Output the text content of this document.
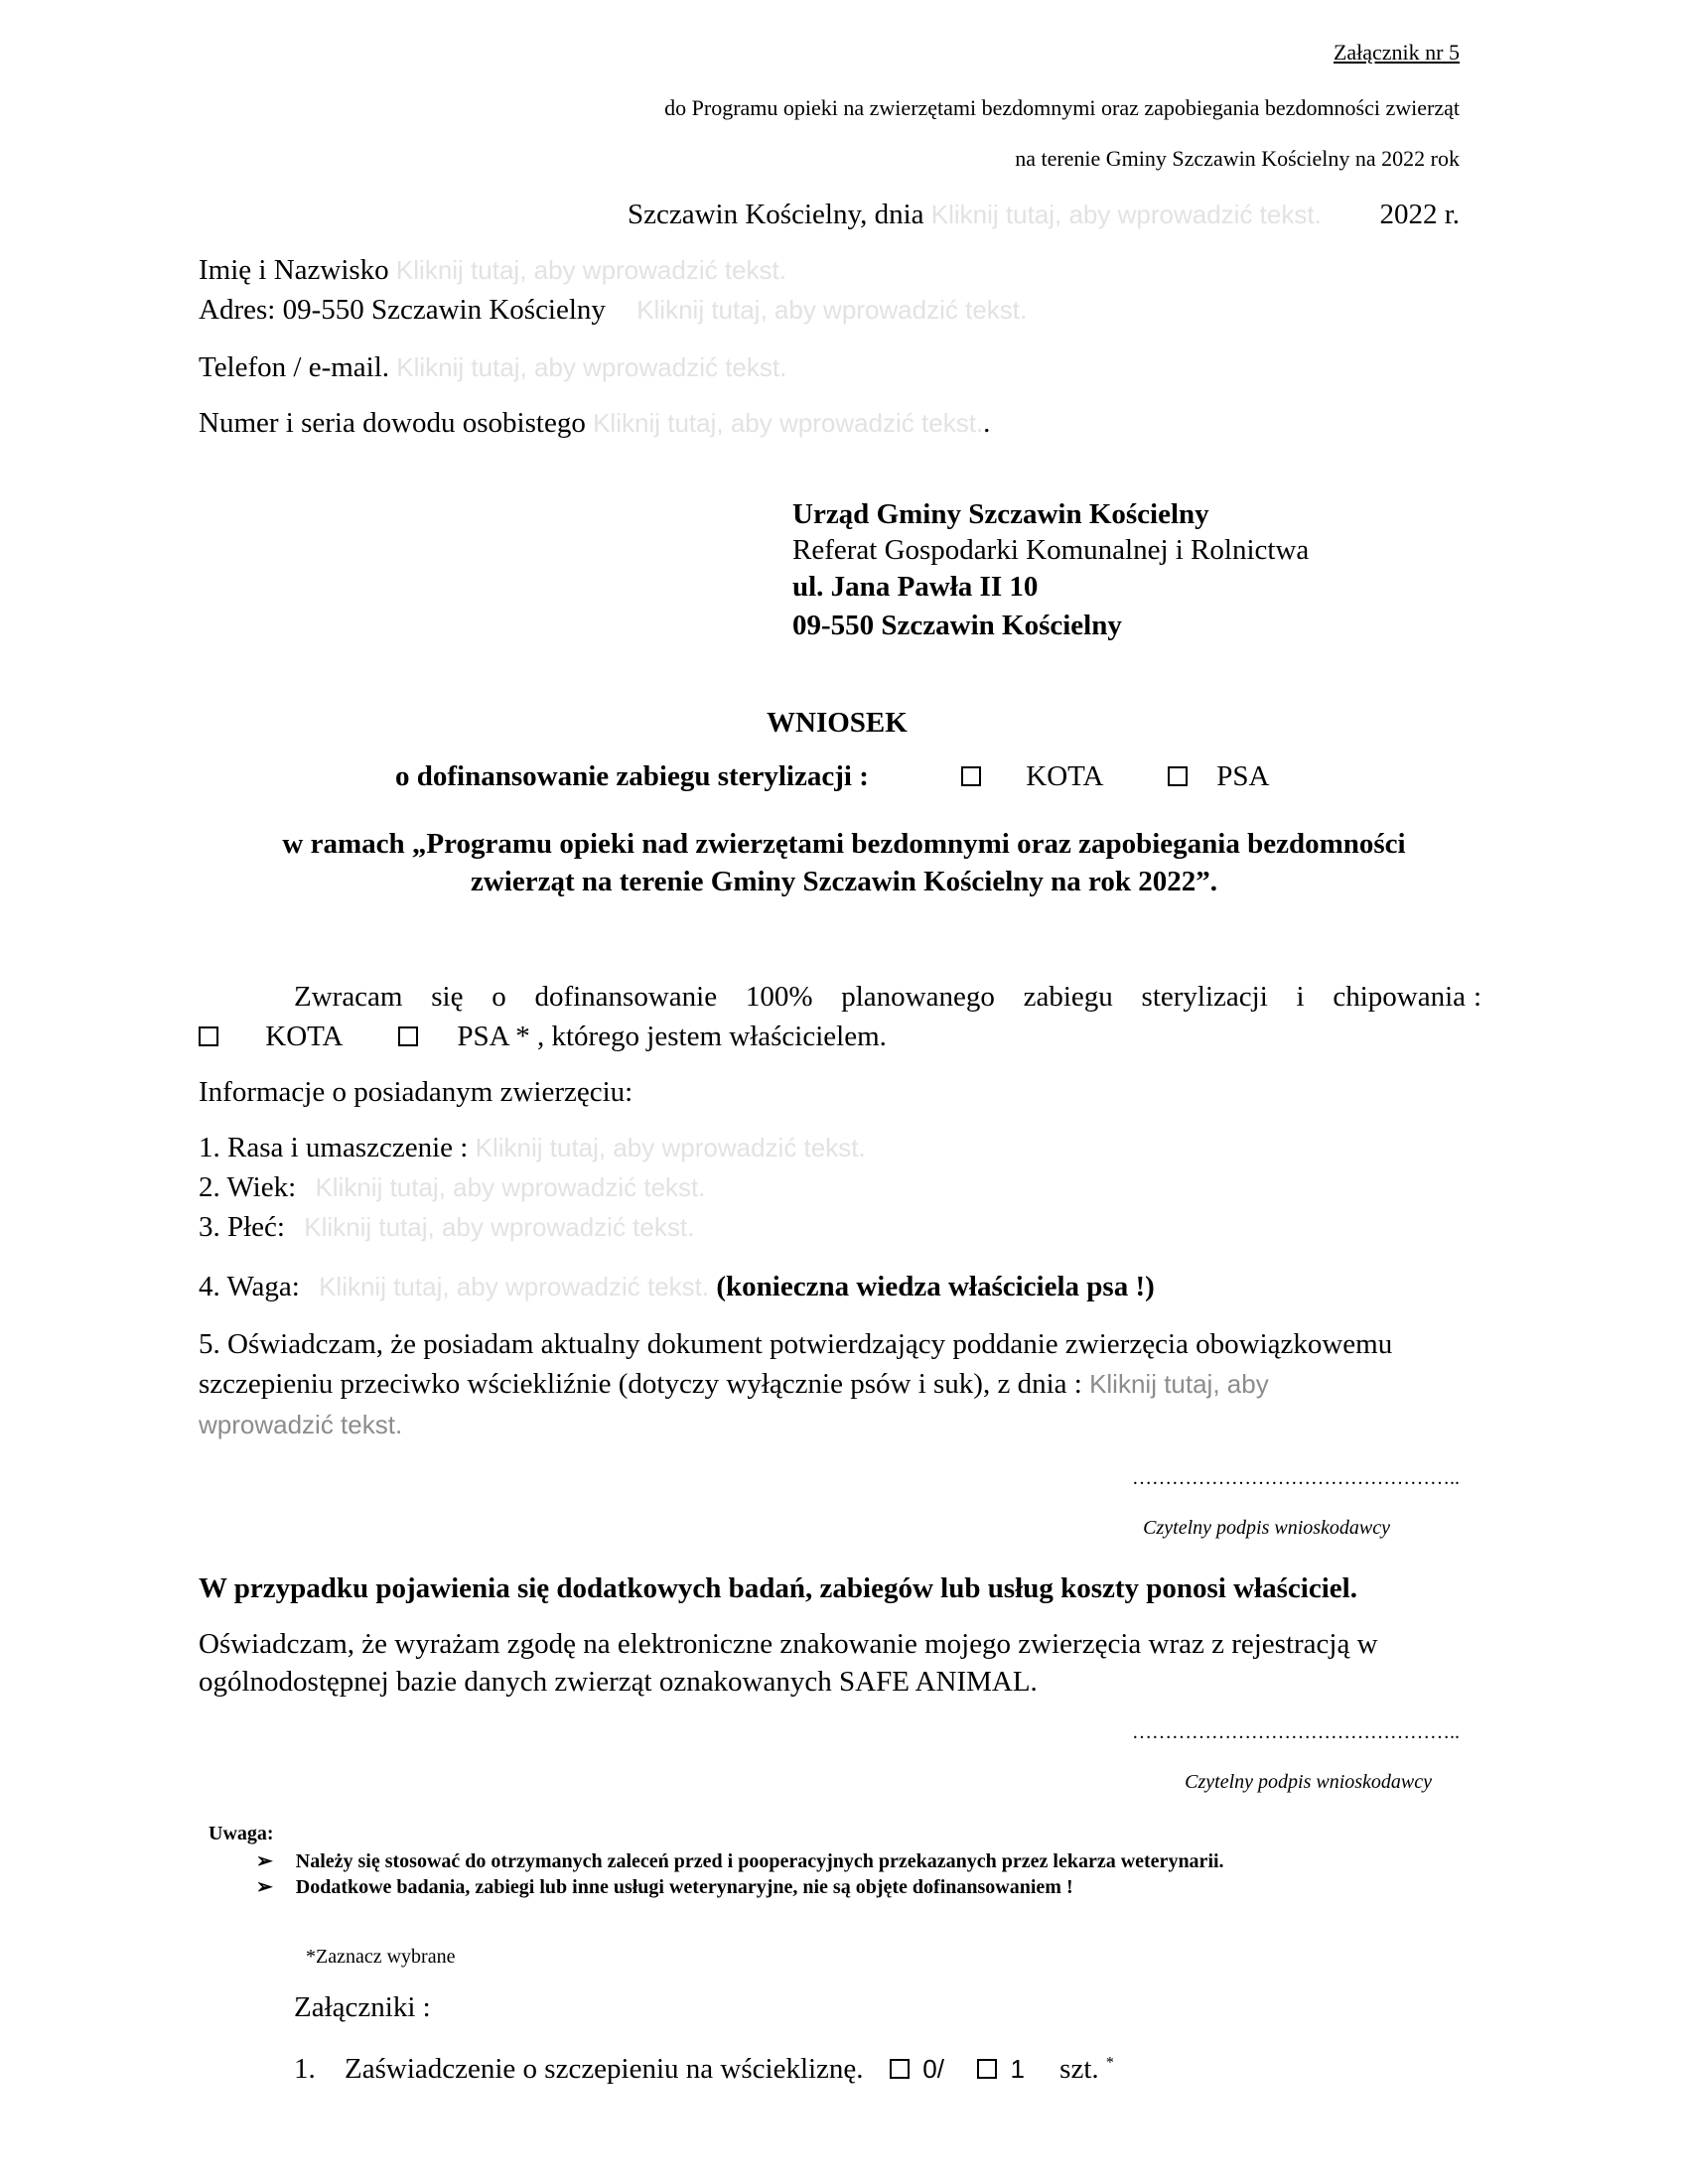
Załącznik nr 5
do Programu opieki na zwierzętami bezdomnymi oraz zapobiegania bezdomności zwierząt
na terenie Gminy Szczawin Kościelny na 2022 rok
Szczawin Kościelny, dnia Kliknij tutaj, aby wprowadzić tekst. 2022 r.
Imię i Nazwisko Kliknij tutaj, aby wprowadzić tekst.
Adres: 09-550 Szczawin Kościelny Kliknij tutaj, aby wprowadzić tekst.
Telefon / e-mail. Kliknij tutaj, aby wprowadzić tekst.
Numer i seria dowodu osobistego Kliknij tutaj, aby wprowadzić tekst..
Urząd Gminy Szczawin Kościelny
Referat Gospodarki Komunalnej i Rolnictwa
ul. Jana Pawła II 10
09-550 Szczawin Kościelny
WNIOSEK
o dofinansowanie zabiegu sterylizacji :	KOTA	PSA
w ramach „Programu opieki nad zwierzętami bezdomnymi oraz zapobiegania bezdomności
zwierząt na terenie Gminy Szczawin Kościelny na rok 2022”.
Zwracam się o dofinansowanie 100% planowanego zabiegu sterylizacji i chipowania :
KOTA	PSA * , którego jestem właścicielem.
Informacje o posiadanym zwierzęciu:
1. Rasa i umaszczenie : Kliknij tutaj, aby wprowadzić tekst.
2. Wiek: Kliknij tutaj, aby wprowadzić tekst.
3. Płeć: Kliknij tutaj, aby wprowadzić tekst.
4. Waga: Kliknij tutaj, aby wprowadzić tekst. (konieczna wiedza właściciela psa !)
5. Oświadczam, że posiadam aktualny dokument potwierdzający poddanie zwierzęcia obowiązkowemu
szczepieniu przeciwko wściekliźnie (dotyczy wyłącznie psów i suk), z dnia : Kliknij tutaj, aby
wprowadzić tekst.
…………………………………………..
Czytelny podpis wnioskodawcy
W przypadku pojawienia się dodatkowych badań, zabiegów lub usług koszty ponosi właściciel.
Oświadczam, że wyrażam zgodę na elektroniczne znakowanie mojego zwierzęcia wraz z rejestracją w
ogólnodostępnej bazie danych zwierząt oznakowanych SAFE ANIMAL.
…………………………………………..
Czytelny podpis wnioskodawcy
Uwaga:
➢ Należy się stosować do otrzymanych zaleceń przed i pooperacyjnych przekazanych przez lekarza weterynarii.
➢ Dodatkowe badania, zabiegi lub inne usługi weterynaryjne, nie są objęte dofinansowaniem !
*Zaznacz wybrane
Załączniki :
1. Zaświadczenie o szczepieniu na wściekliznę.	0/	1 szt. *
